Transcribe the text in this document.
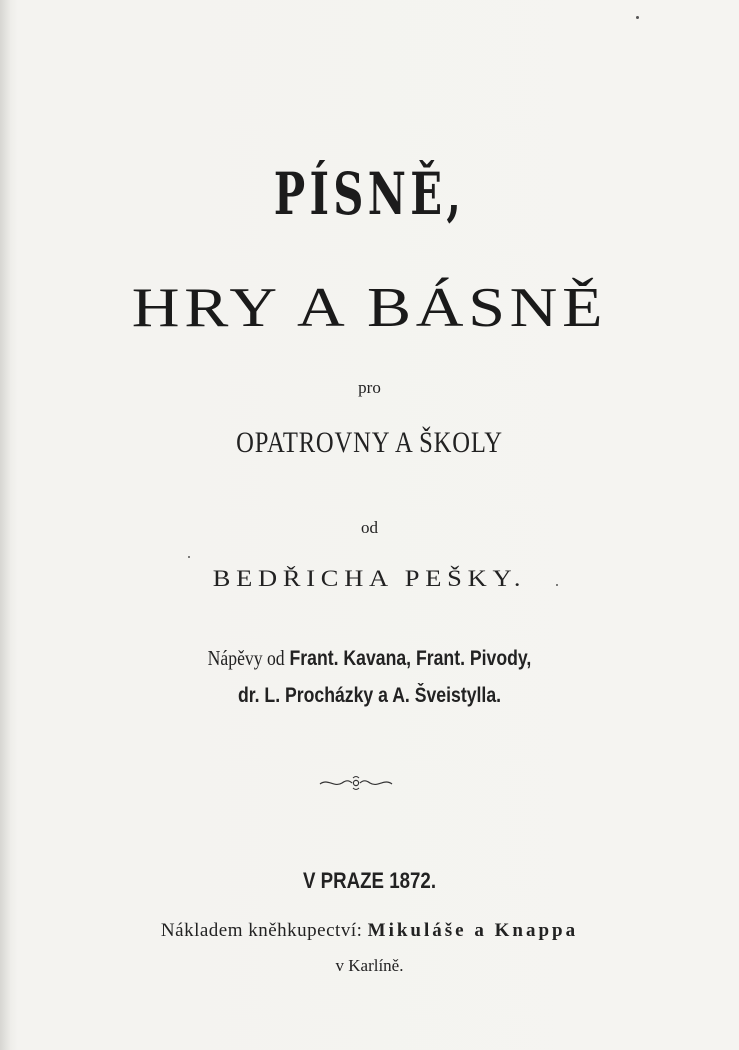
PÍSNĚ,
HRY A BÁSNĚ
pro
OPATROVNY A ŠKOLY
od
BEDŘICHA PEŠKY.
Nápěvy od Frant. Kavana, Frant. Pivody,
dr. L. Procházky a A. Šveistylla.
V PRAZE 1872.
Nákladem kněhkupectví: Mikuláše a Knappa
v Karlíně.
